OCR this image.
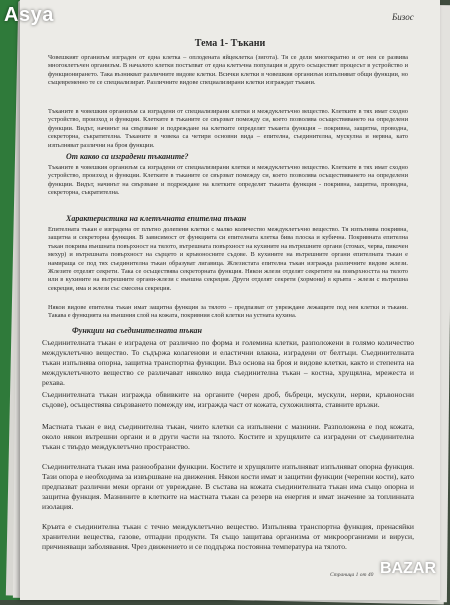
Бизос
Тема 1- Тъкани

Човешкият организъм изграден от една клетка – оплодената яйцеклетка (зигота). Тя се дели многократно и от нея се развива многоклетъчен организъм. В началото клетки постъпват от една клетъчна популация и друго осъществят процесът в устройство и функционирането. Така възникват различните видове клетки. Всички клетки в човешкия организъм изпълняват общи функции, но същевременно те се специализират. Различните видове специализирани клетки изграждат тъкани.

Тъканите в човешкия организъм са изградени от специализирани клетки и междуклетъчно вещество. Клетките в тях имат сходно устройство, произход и функции. Клетките в тъканите се свързват помежду си, което позволява осъществяването на определени функции. Видът, начинът на свързване и подреждане на клетките определят тъканта функция – покривна, защитна, проводна, секреторна, съкратителна. Тъканите в човека са четири основни вида – епителна, съединителна, мускулна и нервна, като изпълняват различни на броя функции.

От какво са изградени тъканите?

Тъканите в човешкия организъм са изградени от специализирани клетки и междуклетъчно вещество. Клетките в тях имат сходно устройство, произход и функции. Клетките в тъканите се свързват помежду си, което позволява осъществяването на определени функции. Видът, начинът на свързване и подреждане на клетките определят тъканта функция - покривна, защитна, проводна, секреторна, съкратителна.

Характеристика на клетъчната епителна тъкан

Епителната тъкан е изградена от плътно долепени клетки с малко количество междуклетъчно вещество. Тя изпълнява покривна, защитна и секреторна функция. В зависимост от функцията си епителната клетка бива плоска и кубична. Покривната епителна тъкан покрива външната повърхност на тялото, вътрешната повърхност на кухините на вътрешните органи (стомах, черва, пикочен мехур) и вътрешната повърхност на сърцето и кръвоносните съдове. В кухините на вътрешните органи епителната тъкан е намираща се под тях съединителна тъкан образуват лигавица. Жлезистата епителна тъкан изгражда различните видове жлези. Жлезите отделят секрети. Така се осъществява секреторната функция. Някои жлези отделят секретите на повърхността на тялото или в кухините на вътрешните органи-жлези с външна секреция. Други отделят секрети (хормони) в кръвта - жлези с вътрешна секреция, има и жлези със смесена секреция.

Някои видове епителна тъкан имат защитна функция за тялото – предпазват от увреждане лежащите под нея клетки и тъкани. Такава е функцията на външния слой на кожата, покривния слой клетки на устната кухина.

Функции на съединителната тъкан

Съединителната тъкан е изградена от различно по форма и големина клетки, разположени в голямо количество междуклетъчно вещество. То съдържа колагенови и еластични влакна, изградени от белтъци. Съединителната тъкан изпълнява опорна, защитна транспортна функции. Въз основа на броя и видове клетки, както и степента на междуклетъчното вещество се различават няколко вида съединителна тъкан – костна, хрущялна, мрежеста и рехава.

Съединителната тъкан изгражда обвивките на органите (черен дроб, бъбреци, мускули, нерви, кръвоносни съдове), осъществява свързването помежду им, изгражда част от кожата, сухожилията, ставните връзки.

Мастната тъкан е вид съединителна тъкан, чиито клетки са изпълнени с мазнини. Разположена е под кожата, около някои вътрешни органи и в други части на тялото. Костите и хрущялите са изградени от съединителна тъкан с твърдо междуклетъчно пространство.

Съединителната тъкан има разнообразни функции. Костите и хрущялите изпълняват изпълняват опорна функция. Тази опора е необходима за извършване на движения. Някои кости имат и защитни функции (черепни кости), като предпазват различни меки органи от увреждане. В състава на кожата съединителната тъкан има също опорна и защитна функция. Мазнините в клетките на мастната тъкан са резерв на енергия и имат значение за топлинната изолация.

Кръвта е съединителна тъкан с течно междуклетъчно вещество. Изпълнява транспортна функция, пренасяйки хранителни вещества, газове, отпадни продукти. Тя също защитава организма от микроорганизми и вируси, причиняващи заболявания. Чрез движението и се поддържа постоянна температура на тялото.

Страница 1 от 40
Asya
BAZAR
